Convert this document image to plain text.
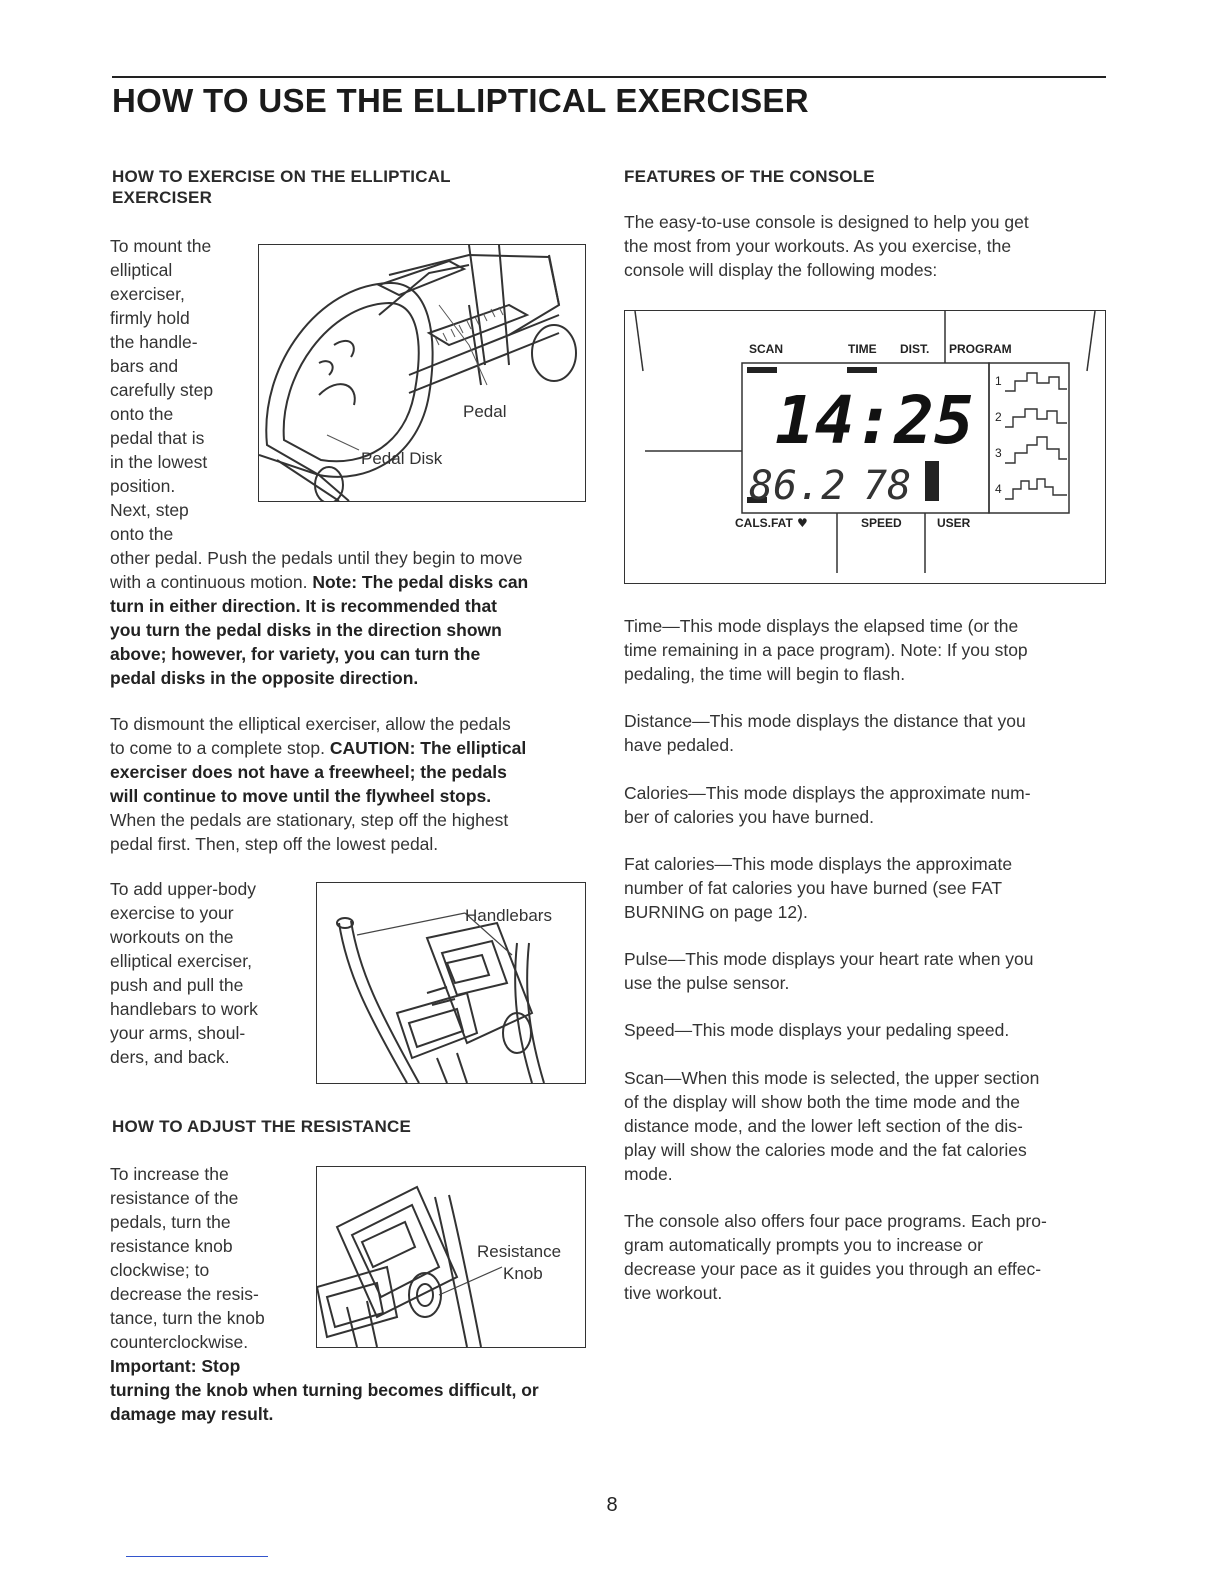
HOW TO USE THE ELLIPTICAL EXERCISER
HOW TO EXERCISE ON THE ELLIPTICAL
EXERCISER
To mount the
elliptical
exerciser,
firmly hold
the handle-
bars and
carefully step
onto the
pedal that is
in the lowest
position.
Next, step
onto the
Pedal
Pedal Disk
other pedal. Push the pedals until they begin to move
with a continuous motion. Note: The pedal disks can
turn in either direction. It is recommended that
you turn the pedal disks in the direction shown
above; however, for variety, you can turn the
pedal disks in the opposite direction.
To dismount the elliptical exerciser, allow the pedals
to come to a complete stop. CAUTION: The elliptical
exerciser does not have a freewheel; the pedals
will continue to move until the flywheel stops.
When the pedals are stationary, step off the highest
pedal first. Then, step off the lowest pedal.
To add upper-body
exercise to your
workouts on the
elliptical exerciser,
push and pull the
handlebars to work
your arms, shoul-
ders, and back.
Handlebars
HOW TO ADJUST THE RESISTANCE
To increase the
resistance of the
pedals, turn the
resistance knob
clockwise; to
decrease the resis-
tance, turn the knob
counterclockwise.
Important: Stop
turning the knob when turning becomes difficult, or
damage may result.
Resistance
Knob
FEATURES OF THE CONSOLE
The easy-to-use console is designed to help you get
the most from your workouts. As you exercise, the
console will display the following modes:
SCAN	TIME DIST. PROGRAM
CALS. FAT	SPEED	USER
♥
14:25
86.2 78
1
2
3
4
Time—This mode displays the elapsed time (or the
time remaining in a pace program). Note: If you stop
pedaling, the time will begin to flash.
Distance—This mode displays the distance that you
have pedaled.
Calories—This mode displays the approximate num-
ber of calories you have burned.
Fat calories—This mode displays the approximate
number of fat calories you have burned (see FAT
BURNING on page 12).
Pulse—This mode displays your heart rate when you
use the pulse sensor.
Speed—This mode displays your pedaling speed.
Scan—When this mode is selected, the upper section
of the display will show both the time mode and the
distance mode, and the lower left section of the dis-
play will show the calories mode and the fat calories
mode.
The console also offers four pace programs. Each pro-
gram automatically prompts you to increase or
decrease your pace as it guides you through an effec-
tive workout.
8
